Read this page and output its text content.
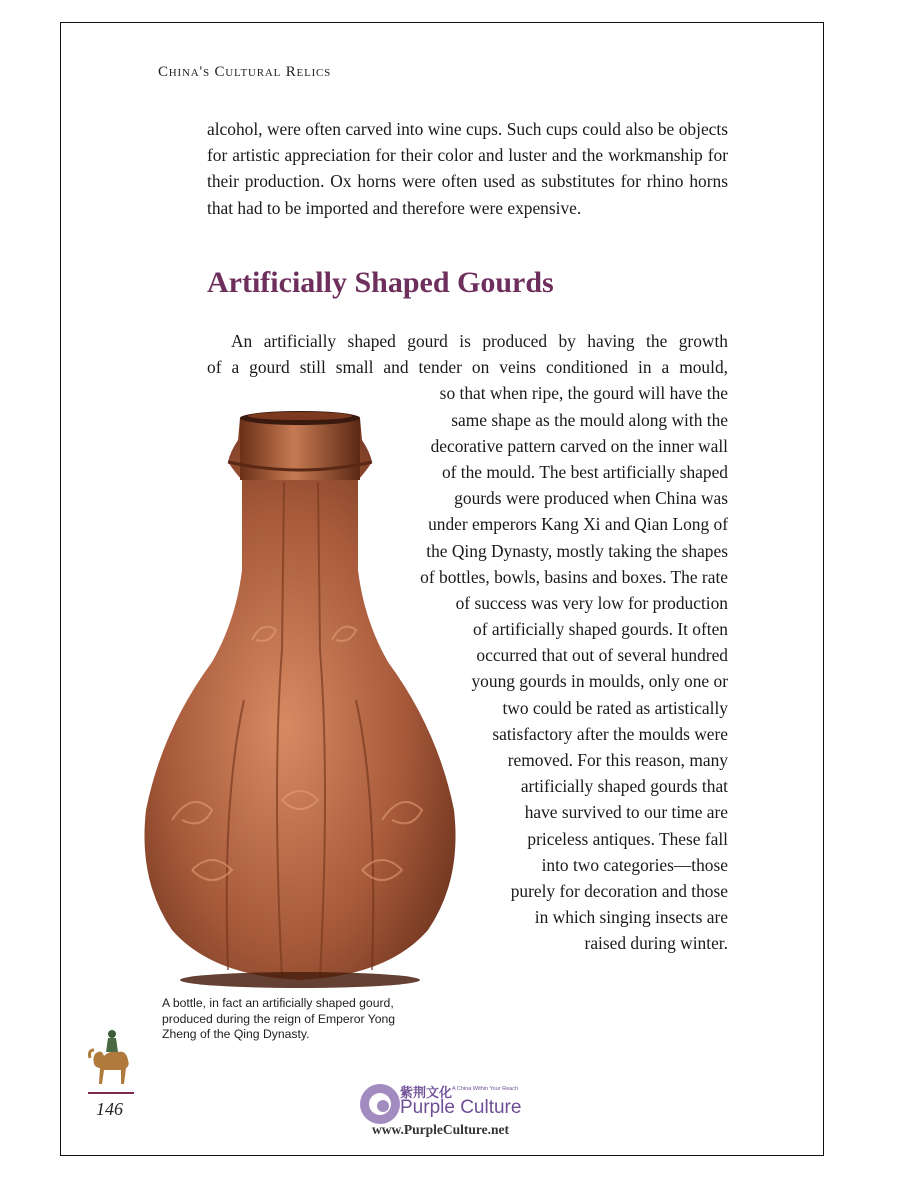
China's Cultural Relics

alcohol, were often carved into wine cups. Such cups could also be objects for artistic appreciation for their color and luster and the workmanship for their production. Ox horns were often used as substitutes for rhino horns that had to be imported and therefore were expensive.

Artificially Shaped Gourds
An artificially shaped gourd is produced by having the growth
of a gourd still small and tender on veins conditioned in a mould,
so that when ripe, the gourd will have the
same shape as the mould along with the
decorative pattern carved on the inner wall
of the mould. The best artificially shaped
gourds were produced when China was
under emperors Kang Xi and Qian Long of
the Qing Dynasty, mostly taking the shapes
of bottles, bowls, basins and boxes. The rate
of success was very low for production
of artificially shaped gourds. It often
occurred that out of several hundred
young gourds in moulds, only one or
two could be rated as artistically
satisfactory after the moulds were
removed. For this reason, many
artificially shaped gourds that
have survived to our time are
priceless antiques. These fall
into two categories—those
purely for decoration and those
in which singing insects are
raised during winter.

A bottle, in fact an artificially shaped gourd, produced during the reign of Emperor Yong Zheng of the Qing Dynasty.

146
紫荆文化 A China Within Your Reach
Purple Culture
www.PurpleCulture.net
